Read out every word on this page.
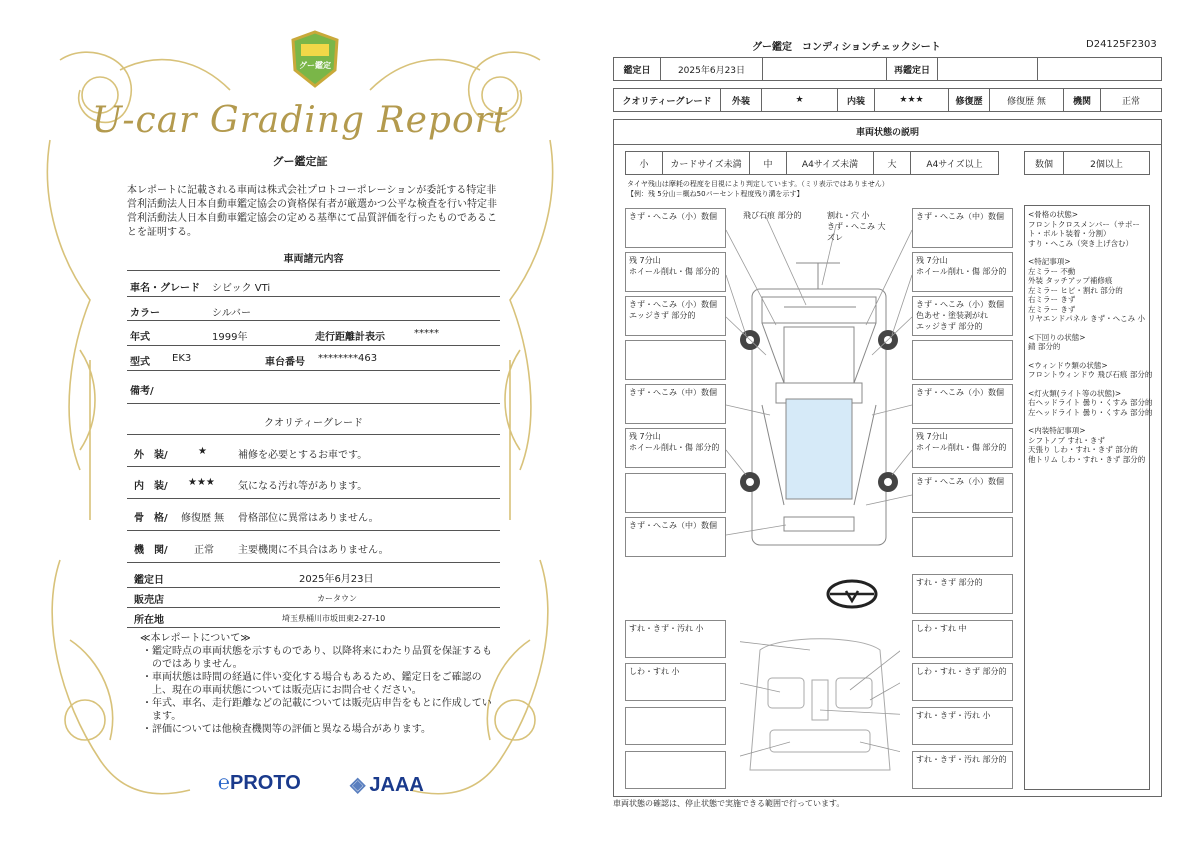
グー鑑定
U-car Grading Report
グー鑑定証
本レポートに記載される車両は株式会社プロトコーポレーションが委託する特定非営利活動法人日本自動車鑑定協会の資格保有者が厳選かつ公平な検査を行い特定非営利活動法人日本自動車鑑定協会の定める基準にて品質評価を行ったものであることを証明する。
車両諸元内容
車名・グレード シビック VTi
カラー	シルバー
年式	1999年	走行距離計表示	*****
型式 EK3	車台番号 ********463
備考/
クオリティーグレード
外　装/	★	補修を必要とするお車です。
内　装/ ★★★ 気になる汚れ等があります。
骨　格/ 修復歴 無 骨格部位に異常はありません。
機　関/	正常 主要機関に不具合はありません。
鑑定日	2025年6月23日
販売店	カータウン
所在地	埼玉県桶川市坂田東2-27-10
≪本レポートについて≫
・鑑定時点の車両状態を示すものであり、以降将来にわたり品質を保証するものではありません。
・車両状態は時間の経過に伴い変化する場合もあるため、鑑定日をご確認の上、現在の車両状態については販売店にお問合せください。
・年式、車名、走行距離などの記載については販売店申告をもとに作成しています。
・評価については他検査機関等の評価と異なる場合があります。
℮PROTO ◈ JAAA
グー鑑定　コンディションチェックシート	D24125F2303
鑑定日	2025年6月23日	再鑑定日
クオリティーグレード	外装	★	内装	★★★	修復歴	修復歴 無	機関	正常
車両状態の説明
小	カードサイズ未満	中	A4サイズ未満	大	A4サイズ以上	数個	2個以上
タイヤ残山は摩耗の程度を目視により判定しています。（ミリ表示ではありません）
【例：残 5分山＝概ね50パーセント程度残り溝を示す】
きず・へこみ（小）数個	飛び石痕 部分的	割れ・穴 小
きず・へこみ 大
ズレ
きず・へこみ（中）数個
残 7分山
ホイール削れ・傷 部分的
残 7分山
ホイール削れ・傷 部分的
きず・へこみ（小）数個
エッジきず 部分的
きず・へこみ（小）数個
色あせ・塗装剥がれ
エッジきず 部分的
きず・へこみ（中）数個	きず・へこみ（小）数個
残 7分山
ホイール削れ・傷 部分的
残 7分山
ホイール削れ・傷 部分的
きず・へこみ（小）数個
きず・へこみ（中）数個
すれ・きず 部分的
すれ・きず・汚れ 小	しわ・すれ 中
しわ・すれ 小	しわ・すれ・きず 部分的
すれ・きず・汚れ 小
すれ・きず・汚れ 部分的
<骨格の状態>
フロントクロスメンバー（サポート・ボルト装着・分割）
すり・へこみ（突き上げ含む）
<特記事項>
左ミラー 不動
外装 タッチアップ補修痕
左ミラー ヒビ・割れ 部分的
右ミラー きず
左ミラー きず
リヤエンドパネル きず・へこみ 小
<下回りの状態>
錆 部分的
<ウィンドウ類の状態>
フロントウィンドウ 飛び石痕 部分的
<灯火類(ライト等の状態)>
右ヘッドライト 曇り・くすみ 部分的
左ヘッドライト 曇り・くすみ 部分的
<内装特記事項>
シフトノブ すれ・きず
天張り しわ・すれ・きず 部分的
他トリム しわ・すれ・きず 部分的
車両状態の確認は、停止状態で実施できる範囲で行っています。
